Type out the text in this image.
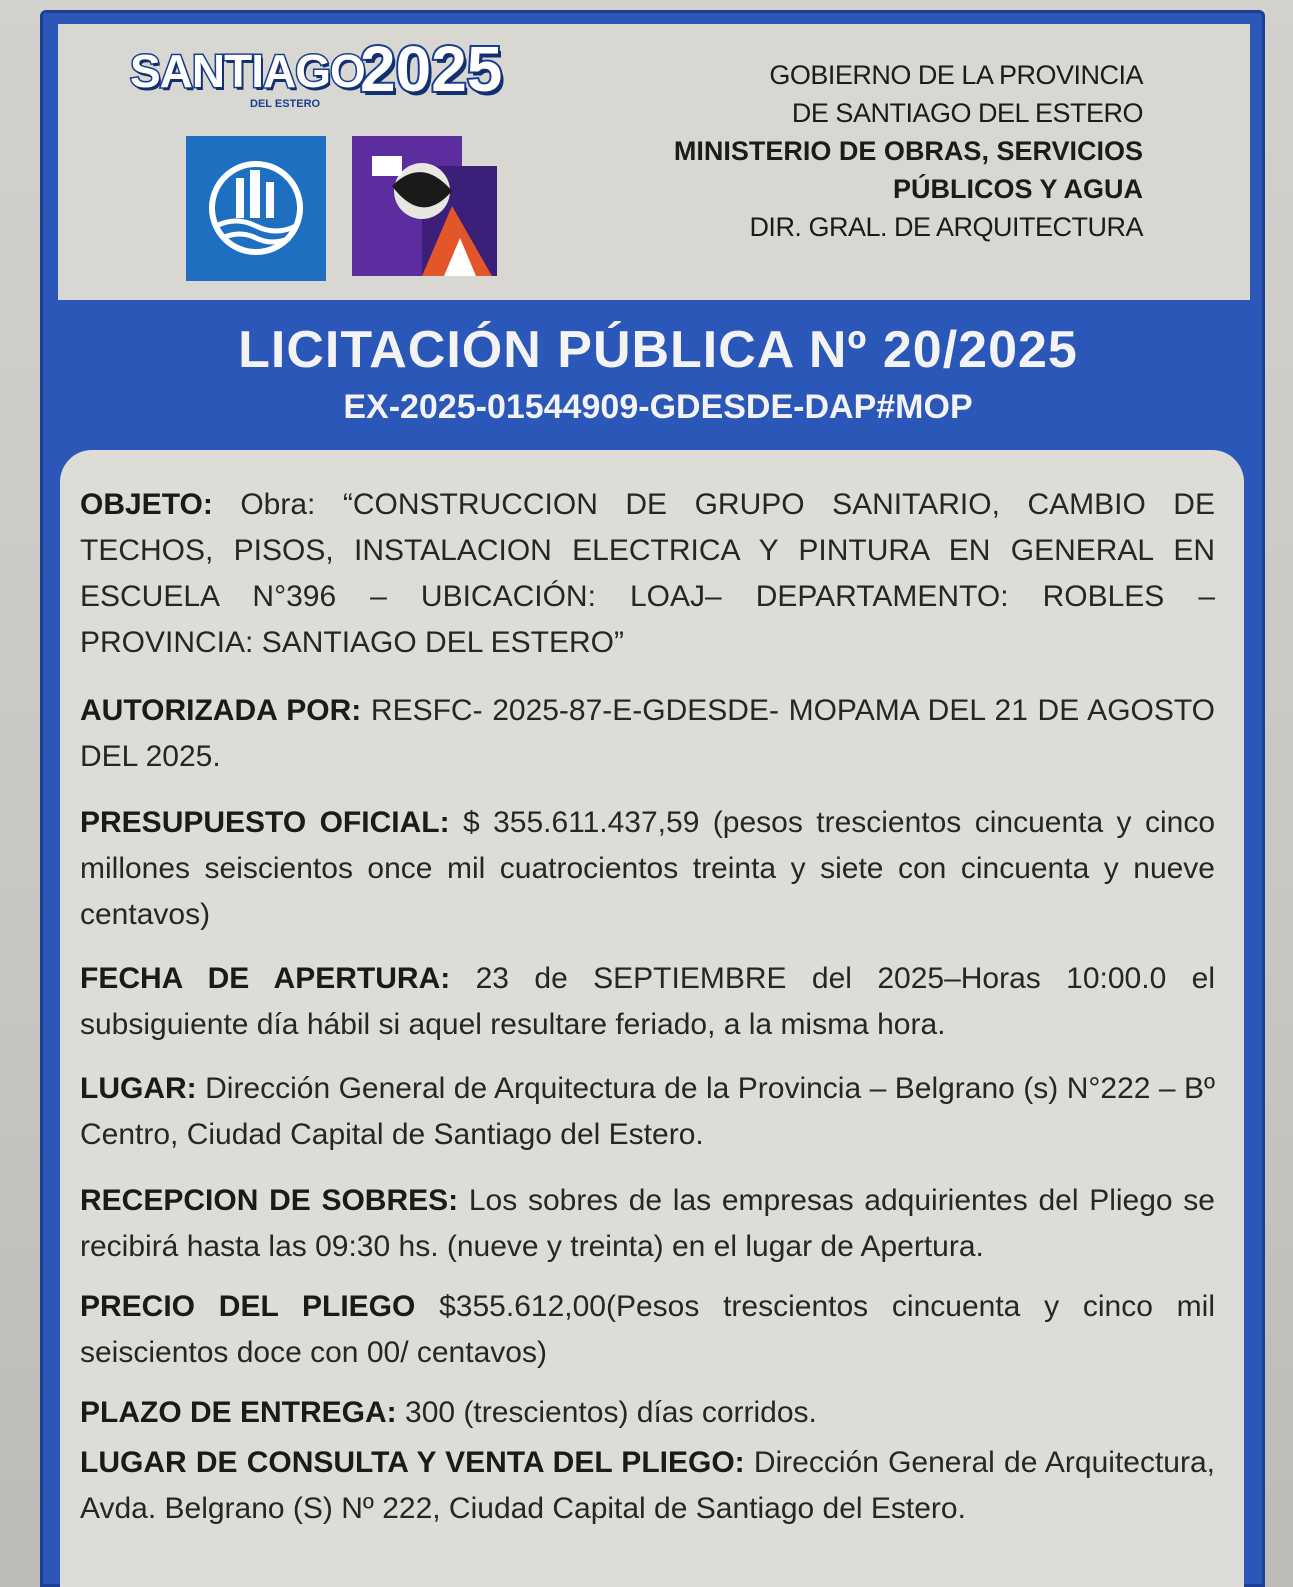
SANTIAGO
2025
DEL ESTERO
GOBIERNO DE LA PROVINCIA
DE SANTIAGO DEL ESTERO
MINISTERIO DE OBRAS, SERVICIOS
PÚBLICOS Y AGUA
DIR. GRAL. DE ARQUITECTURA
LICITACIÓN PÚBLICA Nº 20/2025
EX-2025-01544909-GDESDE-DAP#MOP
OBJETO: Obra: “CONSTRUCCION DE GRUPO SANITARIO, CAMBIO DE TECHOS, PISOS, INSTALACION ELECTRICA Y PINTURA EN GENERAL EN ESCUELA N°396 – UBICACIÓN: LOAJ– DEPARTAMENTO: ROBLES – PROVINCIA: SANTIAGO DEL ESTERO”
AUTORIZADA POR: RESFC- 2025-87-E-GDESDE- MOPAMA DEL 21 DE AGOSTO DEL 2025.
PRESUPUESTO OFICIAL: $ 355.611.437,59 (pesos trescientos cincuenta y cinco millones seiscientos once mil cuatrocientos treinta y siete con cincuenta y nueve centavos)
FECHA DE APERTURA: 23 de SEPTIEMBRE del 2025–Horas 10:00.0 el subsiguiente día hábil si aquel resultare feriado, a la misma hora.
LUGAR: Dirección General de Arquitectura de la Provincia – Belgrano (s) N°222 – Bº Centro, Ciudad Capital de Santiago del Estero.
RECEPCION DE SOBRES: Los sobres de las empresas adquirientes del Pliego se recibirá hasta las 09:30 hs. (nueve y treinta) en el lugar de Apertura.
PRECIO DEL PLIEGO $355.612,00(Pesos trescientos cincuenta y cinco mil seiscientos doce con 00/ centavos)
PLAZO DE ENTREGA: 300 (trescientos) días corridos.
LUGAR DE CONSULTA Y VENTA DEL PLIEGO: Dirección General de Arquitectura, Avda. Belgrano (S) Nº 222, Ciudad Capital de Santiago del Estero.
